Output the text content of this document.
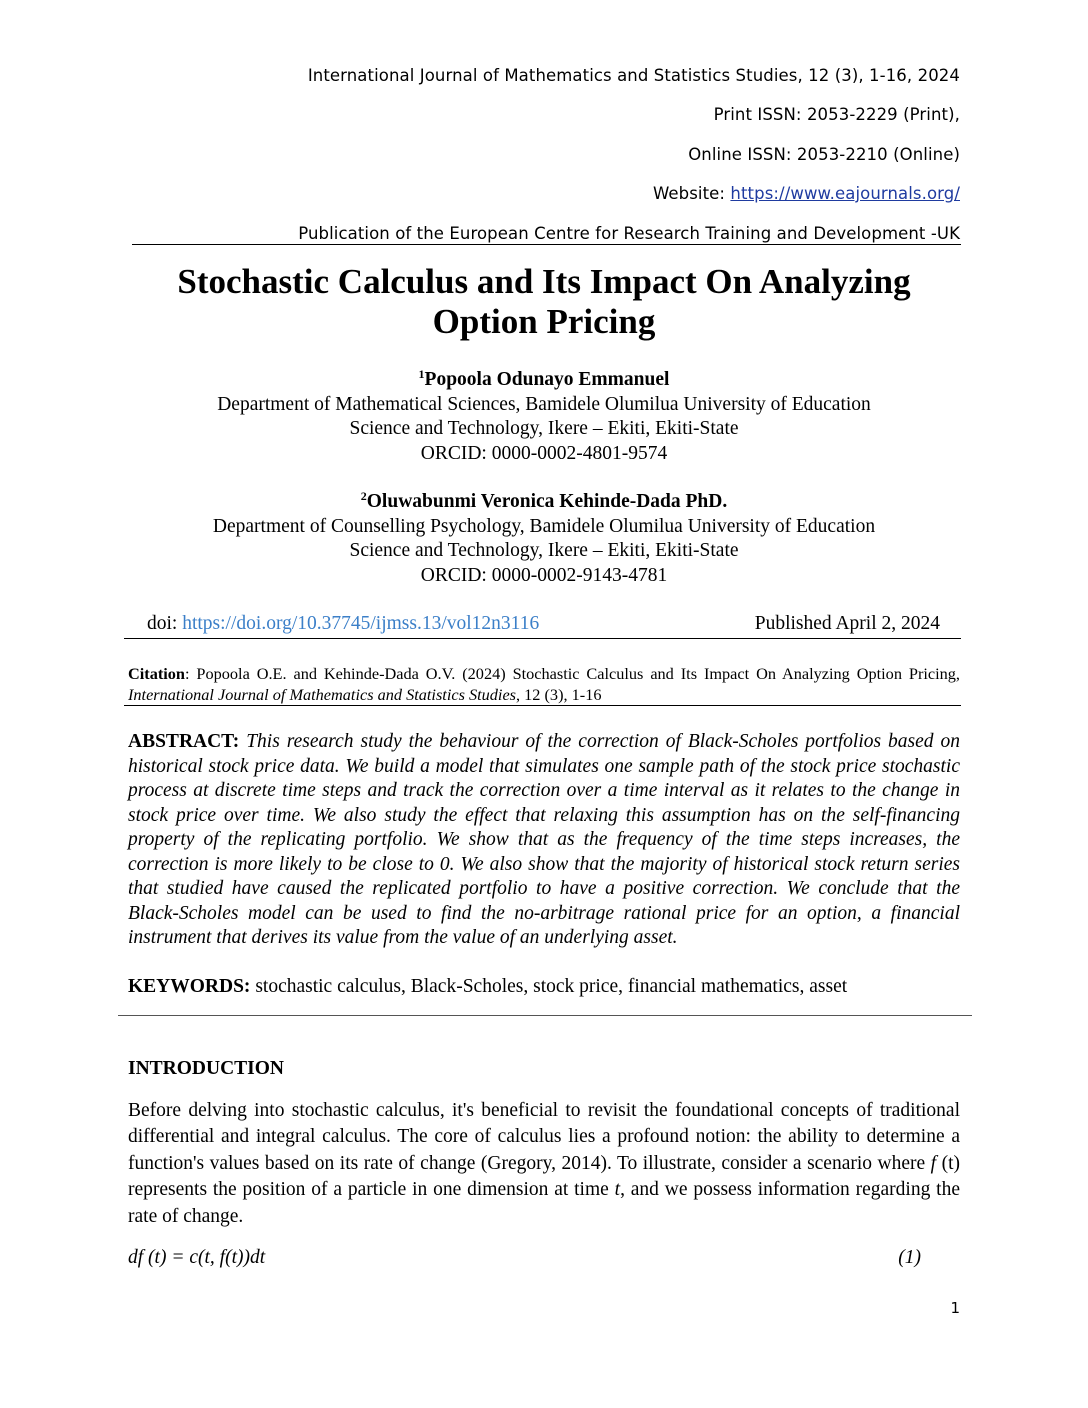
International Journal of Mathematics and Statistics Studies, 12 (3), 1-16, 2024
Print ISSN: 2053-2229 (Print),
Online ISSN: 2053-2210 (Online)
Website: https://www.eajournals.org/
Publication of the European Centre for Research Training and Development -UK
Stochastic Calculus and Its Impact On Analyzing
Option Pricing
$^1$Popoola Odunayo Emmanuel
Department of Mathematical Sciences, Bamidele Olumilua University of Education
Science and Technology, Ikere – Ekiti, Ekiti-State
ORCID: 0000-0002-4801-9574
$^2$Oluwabunmi Veronica Kehinde-Dada PhD.
Department of Counselling Psychology, Bamidele Olumilua University of Education
Science and Technology, Ikere – Ekiti, Ekiti-State
ORCID: 0000-0002-9143-4781
doi: https://doi.org/10.37745/ijmss.13/vol12n3116	Published April 2, 2024
Citation: Popoola O.E. and Kehinde-Dada O.V. (2024) Stochastic Calculus and Its Impact On Analyzing Option Pricing, International Journal of Mathematics and Statistics Studies, 12 (3), 1-16
ABSTRACT: This research study the behaviour of the correction of Black-Scholes portfolios based on historical stock price data. We build a model that simulates one sample path of the stock price stochastic process at discrete time steps and track the correction over a time interval as it relates to the change in stock price over time. We also study the effect that relaxing this assumption has on the self-financing property of the replicating portfolio. We show that as the frequency of the time steps increases, the correction is more likely to be close to 0. We also show that the majority of historical stock return series that studied have caused the replicated portfolio to have a positive correction. We conclude that the Black-Scholes model can be used to find the no-arbitrage rational price for an option, a financial instrument that derives its value from the value of an underlying asset.
KEYWORDS: stochastic calculus, Black-Scholes, stock price, financial mathematics, asset
INTRODUCTION
Before delving into stochastic calculus, it's beneficial to revisit the foundational concepts of traditional differential and integral calculus. The core of calculus lies a profound notion: the ability to determine a function's values based on its rate of change (Gregory, 2014). To illustrate, consider a scenario where f (t) represents the position of a particle in one dimension at time t, and we possess information regarding the rate of change.
df (t) = c(t, f(t))dt	(1)
1
